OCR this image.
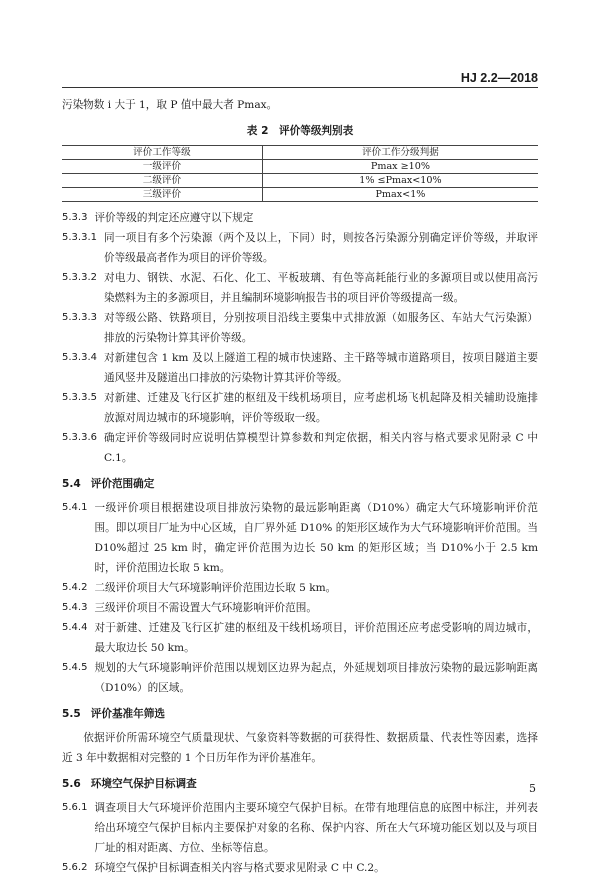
HJ 2.2—2018

污染物数 i 大于 1，取 P 值中最大者 Pmax。

表 2　评价等级判别表
评价工作等级	评价工作分级判据
一级评价	Pmax ≥10%
二级评价	1% ≤Pmax<10%
三级评价	Pmax<1%
5.3.3 评价等级的判定还应遵守以下规定
5.3.3.1 同一项目有多个污染源（两个及以上，下同）时，则按各污染源分别确定评价等级，并取评价等级最高者作为项目的评价等级。
5.3.3.2 对电力、钢铁、水泥、石化、化工、平板玻璃、有色等高耗能行业的多源项目或以使用高污染燃料为主的多源项目，并且编制环境影响报告书的项目评价等级提高一级。
5.3.3.3 对等级公路、铁路项目，分别按项目沿线主要集中式排放源（如服务区、车站大气污染源）排放的污染物计算其评价等级。
5.3.3.4 对新建包含 1 km 及以上隧道工程的城市快速路、主干路等城市道路项目，按项目隧道主要通风竖井及隧道出口排放的污染物计算其评价等级。
5.3.3.5 对新建、迁建及飞行区扩建的枢纽及干线机场项目，应考虑机场飞机起降及相关辅助设施排放源对周边城市的环境影响，评价等级取一级。
5.3.3.6 确定评价等级同时应说明估算模型计算参数和判定依据，相关内容与格式要求见附录 C 中 C.1。
5.4 评价范围确定
5.4.1 一级评价项目根据建设项目排放污染物的最远影响距离（D10%）确定大气环境影响评价范围。即以项目厂址为中心区域，自厂界外延 D10% 的矩形区域作为大气环境影响评价范围。当 D10%超过 25 km 时，确定评价范围为边长 50 km 的矩形区域；当 D10%小于 2.5 km 时，评价范围边长取 5 km。
5.4.2 二级评价项目大气环境影响评价范围边长取 5 km。
5.4.3 三级评价项目不需设置大气环境影响评价范围。
5.4.4 对于新建、迁建及飞行区扩建的枢纽及干线机场项目，评价范围还应考虑受影响的周边城市，最大取边长 50 km。
5.4.5 规划的大气环境影响评价范围以规划区边界为起点，外延规划项目排放污染物的最远影响距离（D10%）的区域。
5.5 评价基准年筛选

依据评价所需环境空气质量现状、气象资料等数据的可获得性、数据质量、代表性等因素，选择近 3 年中数据相对完整的 1 个日历年作为评价基准年。

5.6 环境空气保护目标调查
5.6.1 调查项目大气环境评价范围内主要环境空气保护目标。在带有地理信息的底图中标注，并列表给出环境空气保护目标内主要保护对象的名称、保护内容、所在大气环境功能区划以及与项目厂址的相对距离、方位、坐标等信息。
5.6.2 环境空气保护目标调查相关内容与格式要求见附录 C 中 C.2。
5
